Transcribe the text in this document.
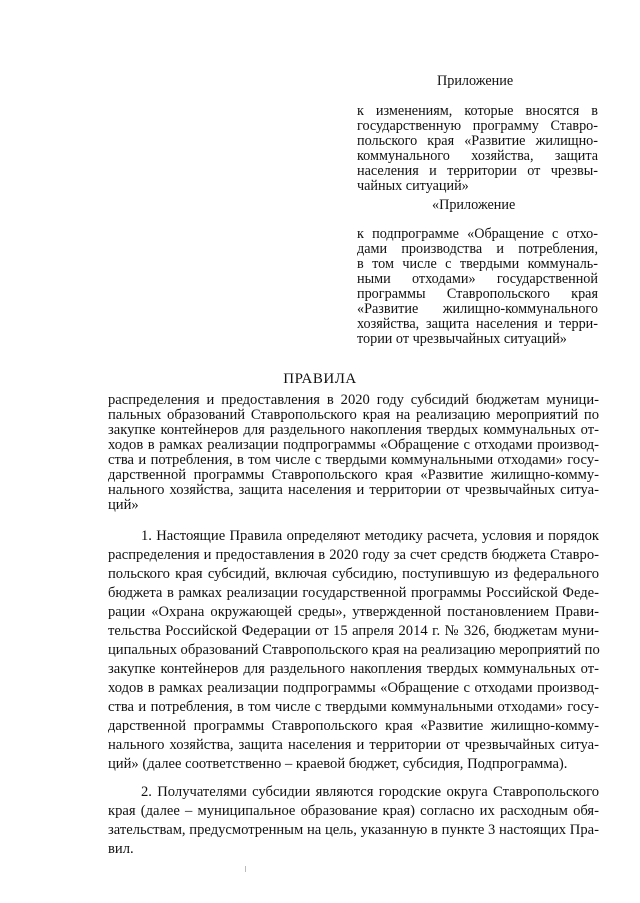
Приложение
к изменениям, которые вносятся в
государственную программу Ставро-
польского края «Развитие жилищно-
коммунального хозяйства, защита
населения и территории от чрезвы-
чайных ситуаций»
«Приложение
к подпрограмме «Обращение с отхо-
дами производства и потребления,
в том числе с твердыми коммуналь-
ными отходами» государственной
программы Ставропольского края
«Развитие жилищно-коммунального
хозяйства, защита населения и терри-
тории от чрезвычайных ситуаций»
ПРАВИЛА
распределения и предоставления в 2020 году субсидий бюджетам муници-
пальных образований Ставропольского края на реализацию мероприятий по
закупке контейнеров для раздельного накопления твердых коммунальных от-
ходов в рамках реализации подпрограммы «Обращение с отходами производ-
ства и потребления, в том числе с твердыми коммунальными отходами» госу-
дарственной программы Ставропольского края «Развитие жилищно-комму-
нального хозяйства, защита населения и территории от чрезвычайных ситуа-
ций»
1. Настоящие Правила определяют методику расчета, условия и порядок
распределения и предоставления в 2020 году за счет средств бюджета Ставро-
польского края субсидий, включая субсидию, поступившую из федерального
бюджета в рамках реализации государственной программы Российской Феде-
рации «Охрана окружающей среды», утвержденной постановлением Прави-
тельства Российской Федерации от 15 апреля 2014 г. № 326, бюджетам муни-
ципальных образований Ставропольского края на реализацию мероприятий по
закупке контейнеров для раздельного накопления твердых коммунальных от-
ходов в рамках реализации подпрограммы «Обращение с отходами производ-
ства и потребления, в том числе с твердыми коммунальными отходами» госу-
дарственной программы Ставропольского края «Развитие жилищно-комму-
нального хозяйства, защита населения и территории от чрезвычайных ситуа-
ций» (далее соответственно – краевой бюджет, субсидия, Подпрограмма).
2. Получателями субсидии являются городские округа Ставропольского
края (далее – муниципальное образование края) согласно их расходным обя-
зательствам, предусмотренным на цель, указанную в пункте 3 настоящих Пра-
вил.
